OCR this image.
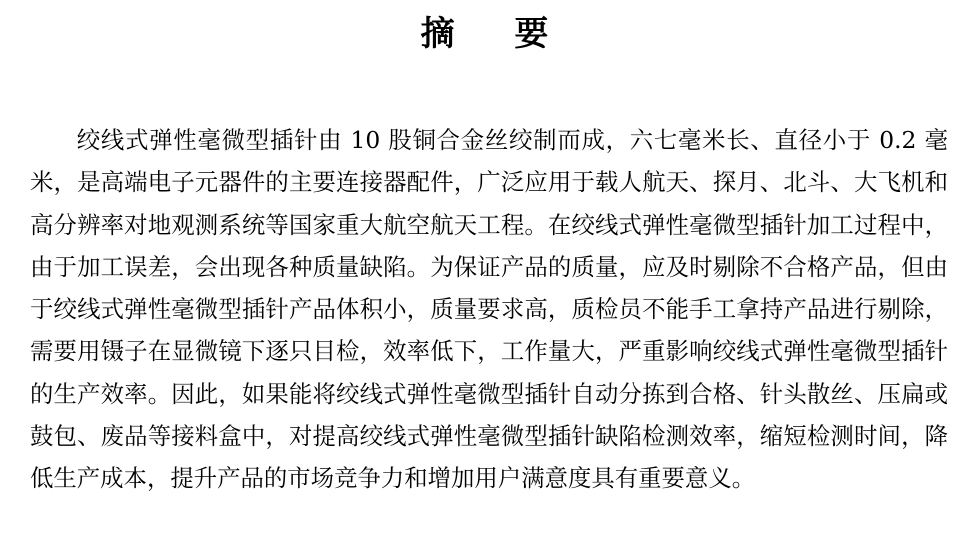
摘 要

绞线式弹性毫微型插针由 10 股铜合金丝绞制而成，六七毫米长、直径小于 0.2 毫米，是高端电子元器件的主要连接器配件，广泛应用于载人航天、探月、北斗、大飞机和高分辨率对地观测系统等国家重大航空航天工程。在绞线式弹性毫微型插针加工过程中，由于加工误差，会出现各种质量缺陷。为保证产品的质量，应及时剔除不合格产品，但由于绞线式弹性毫微型插针产品体积小，质量要求高，质检员不能手工拿持产品进行剔除，需要用镊子在显微镜下逐只目检，效率低下，工作量大，严重影响绞线式弹性毫微型插针的生产效率。因此，如果能将绞线式弹性毫微型插针自动分拣到合格、针头散丝、压扁或鼓包、废品等接料盒中，对提高绞线式弹性毫微型插针缺陷检测效率，缩短检测时间，降低生产成本，提升产品的市场竞争力和增加用户满意度具有重要意义。
